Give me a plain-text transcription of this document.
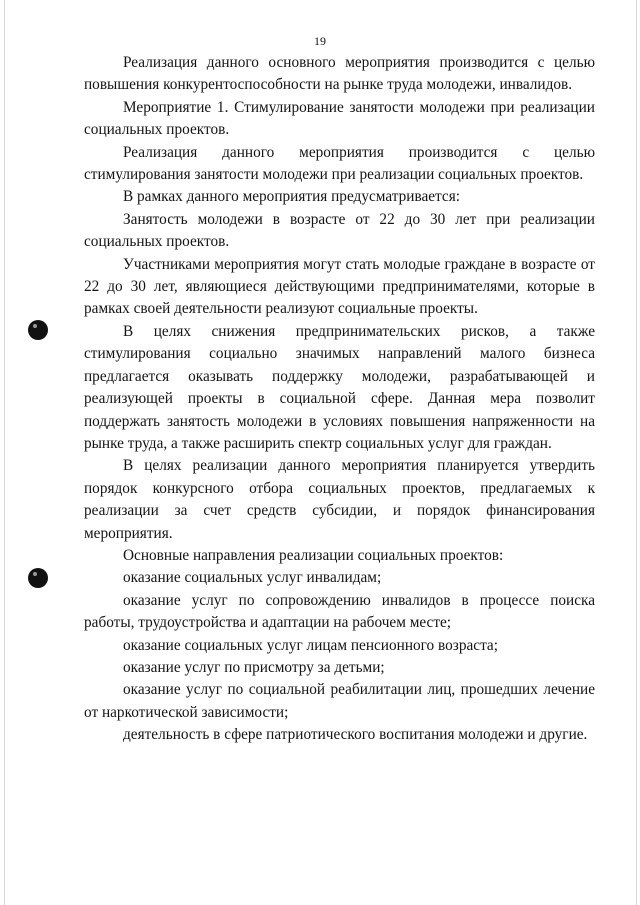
19

Реализация данного основного мероприятия производится с целью повышения конкурентоспособности на рынке труда молодежи, инвалидов.

Мероприятие 1. Стимулирование занятости молодежи при реализации социальных проектов.

Реализация данного мероприятия производится с целью стимулирования занятости молодежи при реализации социальных проектов.

В рамках данного мероприятия предусматривается:

Занятость молодежи в возрасте от 22 до 30 лет при реализации социальных проектов.

Участниками мероприятия могут стать молодые граждане в возрасте от 22 до 30 лет, являющиеся действующими предпринимателями, которые в рамках своей деятельности реализуют социальные проекты.

В целях снижения предпринимательских рисков, а также стимулирования социально значимых направлений малого бизнеса предлагается оказывать поддержку молодежи, разрабатывающей и реализующей проекты в социальной сфере. Данная мера позволит поддержать занятость молодежи в условиях повышения напряженности на рынке труда, а также расширить спектр социальных услуг для граждан.

В целях реализации данного мероприятия планируется утвердить порядок конкурсного отбора социальных проектов, предлагаемых к реализации за счет средств субсидии, и порядок финансирования мероприятия.

Основные направления реализации социальных проектов:

оказание социальных услуг инвалидам;

оказание услуг по сопровождению инвалидов в процессе поиска работы, трудоустройства и адаптации на рабочем месте;

оказание социальных услуг лицам пенсионного возраста;

оказание услуг по присмотру за детьми;

оказание услуг по социальной реабилитации лиц, прошедших лечение от наркотической зависимости;

деятельность в сфере патриотического воспитания молодежи и другие.
